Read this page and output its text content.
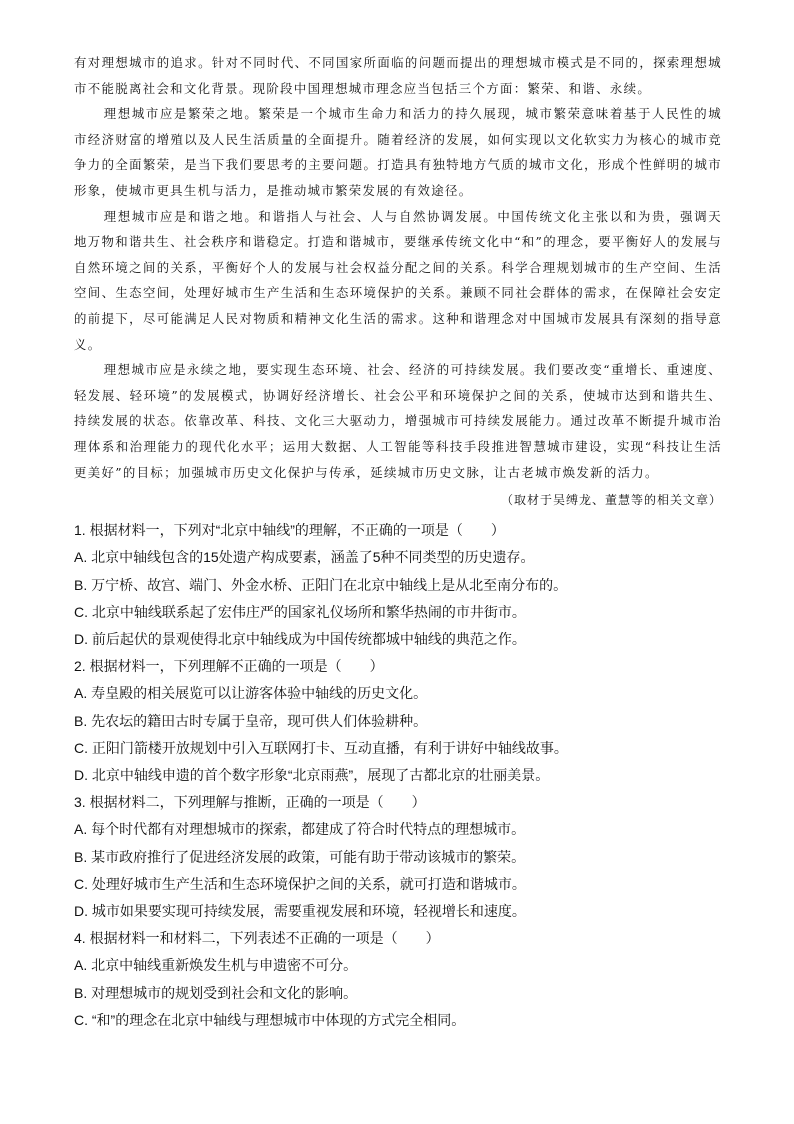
有对理想城市的追求。针对不同时代、不同国家所面临的问题而提出的理想城市模式是不同的，探索理想城市不能脱离社会和文化背景。现阶段中国理想城市理念应当包括三个方面：繁荣、和谐、永续。

理想城市应是繁荣之地。繁荣是一个城市生命力和活力的持久展现，城市繁荣意味着基于人民性的城市经济财富的增殖以及人民生活质量的全面提升。随着经济的发展，如何实现以文化软实力为核心的城市竞争力的全面繁荣，是当下我们要思考的主要问题。打造具有独特地方气质的城市文化，形成个性鲜明的城市形象，使城市更具生机与活力，是推动城市繁荣发展的有效途径。

理想城市应是和谐之地。和谐指人与社会、人与自然协调发展。中国传统文化主张以和为贵，强调天地万物和谐共生、社会秩序和谐稳定。打造和谐城市，要继承传统文化中“和”的理念，要平衡好人的发展与自然环境之间的关系，平衡好个人的发展与社会权益分配之间的关系。科学合理规划城市的生产空间、生活空间、生态空间，处理好城市生产生活和生态环境保护的关系。兼顾不同社会群体的需求，在保障社会安定的前提下，尽可能满足人民对物质和精神文化生活的需求。这种和谐理念对中国城市发展具有深刻的指导意义。

理想城市应是永续之地，要实现生态环境、社会、经济的可持续发展。我们要改变“重增长、重速度、轻发展、轻环境”的发展模式，协调好经济增长、社会公平和环境保护之间的关系，使城市达到和谐共生、持续发展的状态。依靠改革、科技、文化三大驱动力，增强城市可持续发展能力。通过改革不断提升城市治理体系和治理能力的现代化水平；运用大数据、人工智能等科技手段推进智慧城市建设，实现“科技让生活更美好”的目标；加强城市历史文化保护与传承，延续城市历史文脉，让古老城市焕发新的活力。

（取材于吴缚龙、董慧等的相关文章）

1. 根据材料一，下列对“北京中轴线”的理解，不正确的一项是（　　）

A. 北京中轴线包含的15处遗产构成要素，涵盖了5种不同类型的历史遗存。

B. 万宁桥、故宫、端门、外金水桥、正阳门在北京中轴线上是从北至南分布的。

C. 北京中轴线联系起了宏伟庄严的国家礼仪场所和繁华热闹的市井街市。

D. 前后起伏的景观使得北京中轴线成为中国传统都城中轴线的典范之作。

2. 根据材料一，下列理解不正确的一项是（　　）

A. 寿皇殿的相关展览可以让游客体验中轴线的历史文化。

B. 先农坛的籍田古时专属于皇帝，现可供人们体验耕种。

C. 正阳门箭楼开放规划中引入互联网打卡、互动直播，有利于讲好中轴线故事。

D. 北京中轴线申遗的首个数字形象“北京雨燕”，展现了古都北京的壮丽美景。

3. 根据材料二，下列理解与推断，正确的一项是（　　）

A. 每个时代都有对理想城市的探索，都建成了符合时代特点的理想城市。

B. 某市政府推行了促进经济发展的政策，可能有助于带动该城市的繁荣。

C. 处理好城市生产生活和生态环境保护之间的关系，就可打造和谐城市。

D. 城市如果要实现可持续发展，需要重视发展和环境，轻视增长和速度。

4. 根据材料一和材料二，下列表述不正确的一项是（　　）

A. 北京中轴线重新焕发生机与申遗密不可分。

B. 对理想城市的规划受到社会和文化的影响。

C. “和”的理念在北京中轴线与理想城市中体现的方式完全相同。
